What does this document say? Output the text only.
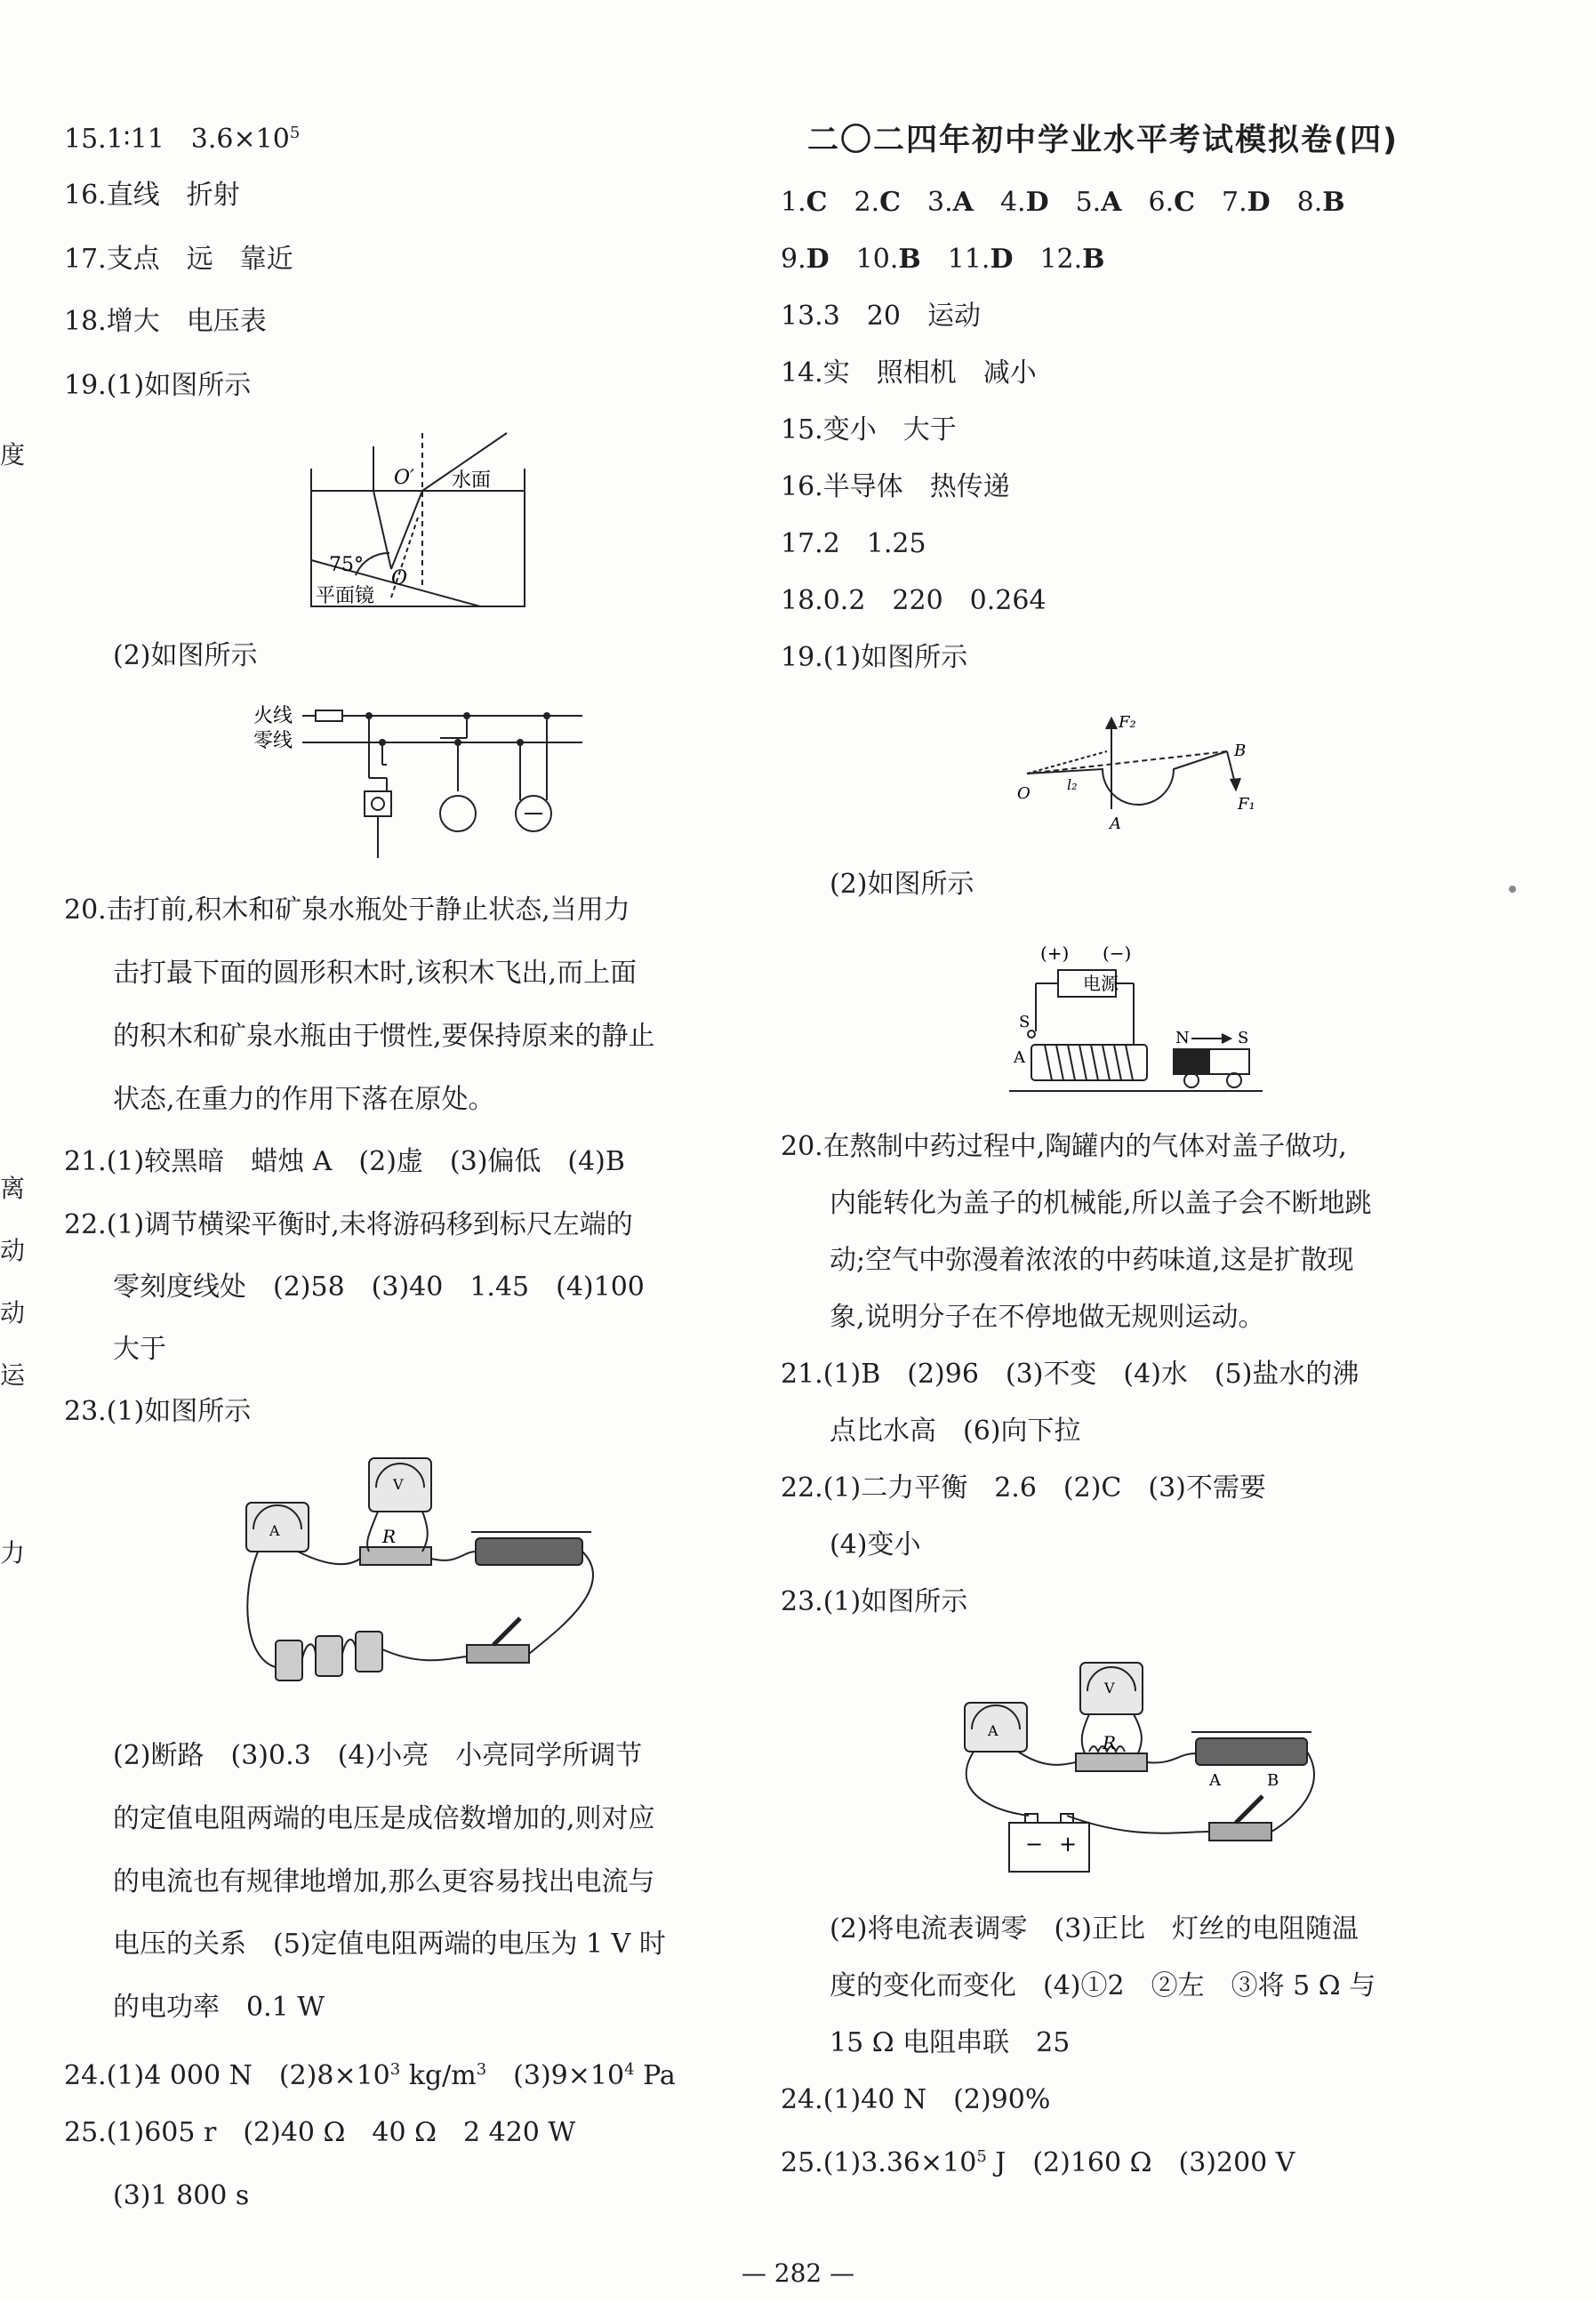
度
离
动
动
运
力
15.1∶11　$3.6\times 10^5$
16.直线　折射
17.支点　远　靠近
18.增大　电压表
19.(1)如图所示
O′ 水面
75°
O
平面镜
(2)如图所示
火线
零线
20.击打前,积木和矿泉水瓶处于静止状态,当用力
击打最下面的圆形积木时,该积木飞出,而上面
的积木和矿泉水瓶由于惯性,要保持原来的静止
状态,在重力的作用下落在原处。
21.(1)较黑暗　蜡烛 A　(2)虚　(3)偏低　(4)B
22.(1)调节横梁平衡时,未将游码移到标尺左端的
零刻度线处　(2)58　(3)40　1.45　(4)100
大于
23.(1)如图所示
A
V
R
(2)断路　(3)0.3　(4)小亮　小亮同学所调节
的定值电阻两端的电压是成倍数增加的,则对应
的电流也有规律地增加,那么更容易找出电流与
电压的关系　(5)定值电阻两端的电压为 1 V 时
的电功率　0.1 W
24.(1)4 000 N　$(2)8\times 10^3$ $kg/m^3$　$(3)9\times 10^4$ Pa
25.(1)605 r　(2)40 Ω　40 Ω　2 420 W
(3)1 800 s
二〇二四年初中学业水平考试模拟卷(四)
1.C　 2.C　 3.A　 4.D　 5.A　 6.C　 7.D　 8.B
9.D　 10.B　 11.D　 12.B
13.3　20　运动
14.实　照相机　减小
15.变小　大于
16.半导体　热传递
17.2　1.25
18.0.2　220　0.264
19.(1)如图所示
F₂
B
O	l₂
A
F₁
(2)如图所示
(+) (−)
电源
S
A
N	S
20.在熬制中药过程中,陶罐内的气体对盖子做功,
内能转化为盖子的机械能,所以盖子会不断地跳
动;空气中弥漫着浓浓的中药味道,这是扩散现
象,说明分子在不停地做无规则运动。
21.(1)B　(2)96　(3)不变　(4)水　(5)盐水的沸
点比水高　(6)向下拉
22.(1)二力平衡　2.6　(2)C　(3)不需要
(4)变小
23.(1)如图所示
A
V
R
A	B
− +
(2)将电流表调零　(3)正比　灯丝的电阻随温
度的变化而变化　(4)①2　②左　③将 5 Ω 与
15 Ω 电阻串联　25
24.(1)40 N　(2)90%
$25.(1)3.36\times 10^5$ J　(2)160 Ω　(3)200 V
— 282 —
